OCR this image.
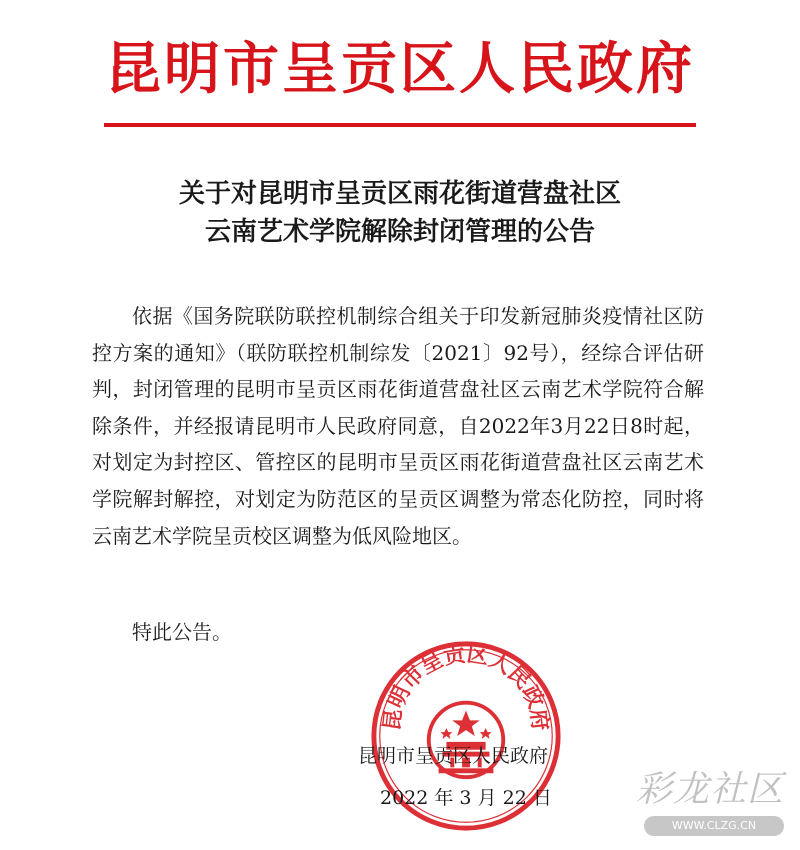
昆明市呈贡区人民政府
关于对昆明市呈贡区雨花街道营盘社区
云南艺术学院解除封闭管理的公告
依据《国务院联防联控机制综合组关于印发新冠肺炎疫情社区防控方案的通知》（联防联控机制综发〔2021〕92号），经综合评估研判，封闭管理的昆明市呈贡区雨花街道营盘社区云南艺术学院符合解除条件，并经报请昆明市人民政府同意，自2022年3月22日8时起，对划定为封控区、管控区的昆明市呈贡区雨花街道营盘社区云南艺术学院解封解控，对划定为防范区的呈贡区调整为常态化防控，同时将云南艺术学院呈贡校区调整为低风险地区。
特此公告。
昆明市呈贡区人民政府
昆明市呈贡区人民政府
2022 年 3 月 22 日 彩龙社区
WWW.CLZG.CN
